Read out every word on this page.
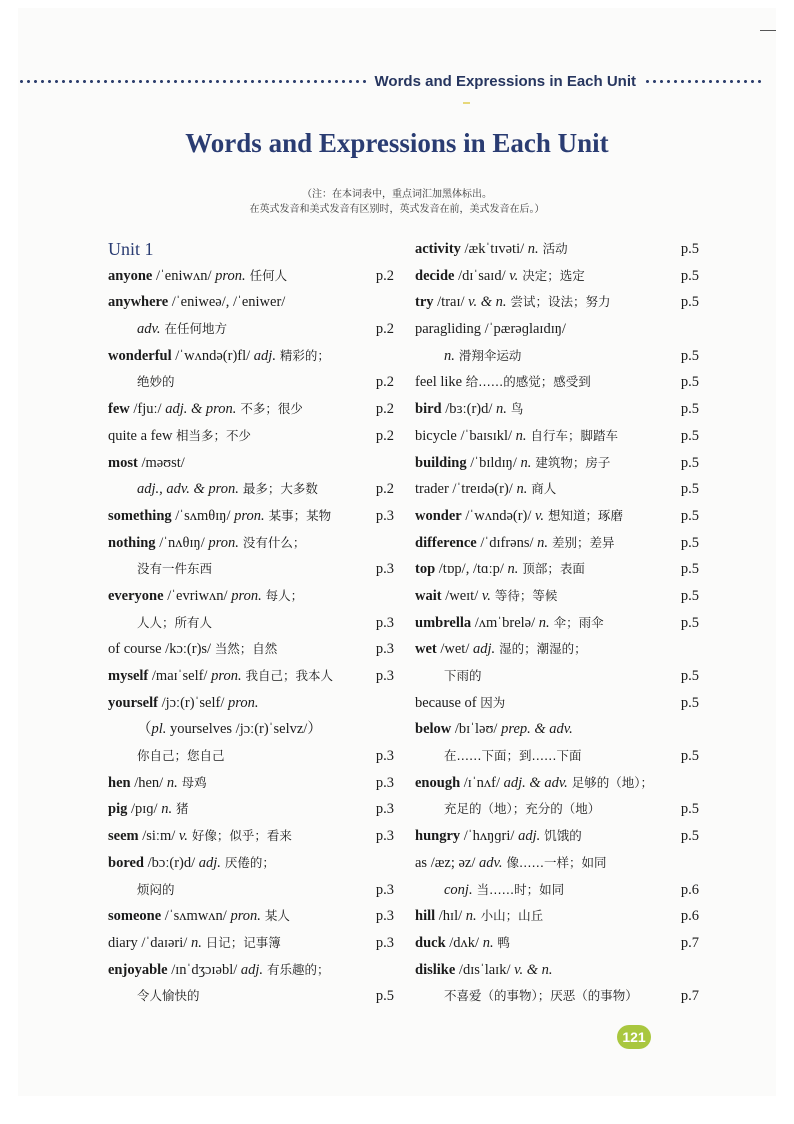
Words and Expressions in Each Unit
Words and Expressions in Each Unit
（注：在本词表中，重点词汇加黑体标出。
在英式发音和美式发音有区别时，英式发音在前，美式发音在后。）
Unit 1
anyone /ˈeniwʌn/ pron. 任何人	p.2
anywhere /ˈeniweə/, /ˈeniwer/
adv. 在任何地方	p.2
wonderful /ˈwʌndə(r)fl/ adj. 精彩的；
绝妙的	p.2
few /fjuː/ adj. & pron. 不多；很少	p.2
quite a few 相当多；不少	p.2
most /məʊst/
adj., adv. & pron. 最多；大多数	p.2
something /ˈsʌmθɪŋ/ pron. 某事；某物	p.3
nothing /ˈnʌθɪŋ/ pron. 没有什么；
没有一件东西	p.3
everyone /ˈevriwʌn/ pron. 每人；
人人；所有人	p.3
of course /kɔː(r)s/ 当然；自然	p.3
myself /maɪˈself/ pron. 我自己；我本人	p.3
yourself /jɔː(r)ˈself/ pron.
（pl. yourselves /jɔː(r)ˈselvz/）
你自己；您自己	p.3
hen /hen/ n. 母鸡	p.3
pig /pɪɡ/ n. 猪	p.3
seem /siːm/ v. 好像；似乎；看来	p.3
bored /bɔː(r)d/ adj. 厌倦的；
烦闷的	p.3
someone /ˈsʌmwʌn/ pron. 某人	p.3
diary /ˈdaɪəri/ n. 日记；记事簿	p.3
enjoyable /ɪnˈdʒɔɪəbl/ adj. 有乐趣的；
令人愉快的	p.5
activity /ækˈtɪvəti/ n. 活动	p.5
decide /dɪˈsaɪd/ v. 决定；选定	p.5
try /traɪ/ v. & n. 尝试；设法；努力	p.5
paragliding /ˈpærəɡlaɪdɪŋ/
n. 滑翔伞运动	p.5
feel like 给……的感觉；感受到	p.5
bird /bɜː(r)d/ n. 鸟	p.5
bicycle /ˈbaɪsɪkl/ n. 自行车；脚踏车	p.5
building /ˈbɪldɪŋ/ n. 建筑物；房子	p.5
trader /ˈtreɪdə(r)/ n. 商人	p.5
wonder /ˈwʌndə(r)/ v. 想知道；琢磨	p.5
difference /ˈdɪfrəns/ n. 差别；差异	p.5
top /tɒp/, /tɑːp/ n. 顶部；表面	p.5
wait /weɪt/ v. 等待；等候	p.5
umbrella /ʌmˈbrelə/ n. 伞；雨伞	p.5
wet /wet/ adj. 湿的；潮湿的；
下雨的	p.5
because of 因为	p.5
below /bɪˈləʊ/ prep. & adv.
在……下面；到……下面	p.5
enough /ɪˈnʌf/ adj. & adv. 足够的（地）；
充足的（地）；充分的（地）	p.5
hungry /ˈhʌŋɡri/ adj. 饥饿的	p.5
as /æz; əz/ adv. 像……一样；如同
conj. 当……时；如同	p.6
hill /hɪl/ n. 小山；山丘	p.6
duck /dʌk/ n. 鸭	p.7
dislike /dɪsˈlaɪk/ v. & n.
不喜爱（的事物）；厌恶（的事物）	p.7
121
